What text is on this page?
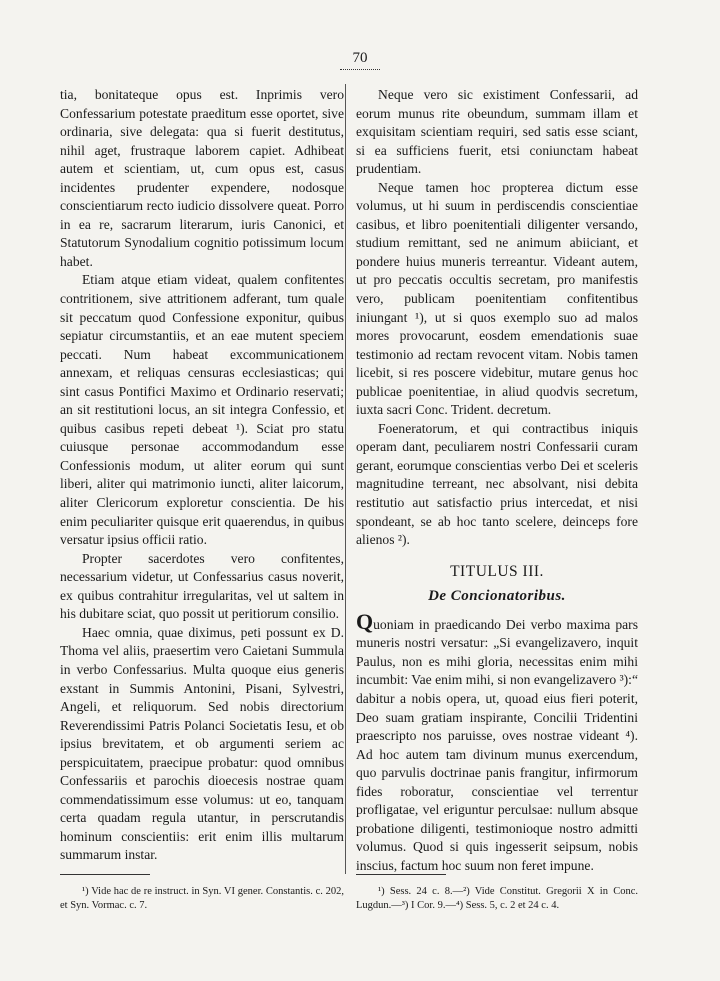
70

tia, bonitateque opus est. Inprimis vero Confessarium potestate praeditum esse oportet, sive ordinaria, sive delegata: qua si fuerit destitutus, nihil aget, frustraque laborem capiet. Adhibeat autem et scientiam, ut, cum opus est, casus incidentes prudenter expendere, nodosque conscientiarum recto iudicio dissolvere queat. Porro in ea re, sacrarum literarum, iuris Canonici, et Statutorum Synodalium cognitio potissimum locum habet.

Etiam atque etiam videat, qualem confitentes contritionem, sive attritionem adferant, tum quale sit peccatum quod Confessione exponitur, quibus sepiatur circumstantiis, et an eae mutent speciem peccati. Num habeat excommunicationem annexam, et reliquas censuras ecclesiasticas; qui sint casus Pontifici Maximo et Ordinario reservati; an sit restitutioni locus, an sit integra Confessio, et quibus casibus repeti debeat ¹). Sciat pro statu cuiusque personae accommodandum esse Confessionis modum, ut aliter eorum qui sunt liberi, aliter qui matrimonio iuncti, aliter laicorum, aliter Clericorum exploretur conscientia. De his enim peculiariter quisque erit quaerendus, in quibus versatur ipsius officii ratio.

Propter sacerdotes vero confitentes, necessarium videtur, ut Confessarius casus noverit, ex quibus contrahitur irregularitas, vel ut saltem in his dubitare sciat, quo possit ut peritiorum consilio.

Haec omnia, quae diximus, peti possunt ex D. Thoma vel aliis, praesertim vero Caietani Summula in verbo Confessarius. Multa quoque eius generis exstant in Summis Antonini, Pisani, Sylvestri, Angeli, et reliquorum. Sed nobis directorium Reverendissimi Patris Polanci Societatis Iesu, et ob ipsius brevitatem, et ob argumenti seriem ac perspicuitatem, praecipue probatur: quod omnibus Confessariis et parochis dioecesis nostrae quam commendatissimum esse volumus: ut eo, tanquam certa quadam regula utantur, in perscrutandis hominum conscientiis: erit enim illis multarum summarum instar.

Neque vero sic existiment Confessarii, ad eorum munus rite obeundum, summam illam et exquisitam scientiam requiri, sed satis esse sciant, si ea sufficiens fuerit, etsi coniunctam habeat prudentiam.

Neque tamen hoc propterea dictum esse volumus, ut hi suum in perdiscendis conscientiae casibus, et libro poenitentiali diligenter versando, studium remittant, sed ne animum abiiciant, et pondere huius muneris terreantur. Videant autem, ut pro peccatis occultis secretam, pro manifestis vero, publicam poenitentiam confitentibus iniungant ¹), ut si quos exemplo suo ad malos mores provocarunt, eosdem emendationis suae testimonio ad rectam revocent vitam. Nobis tamen licebit, si res poscere videbitur, mutare genus hoc publicae poenitentiae, in aliud quodvis secretum, iuxta sacri Conc. Trident. decretum.

Foeneratorum, et qui contractibus iniquis operam dant, peculiarem nostri Confessarii curam gerant, eorumque conscientias verbo Dei et sceleris magnitudine terreant, nec absolvant, nisi debita restitutio aut satisfactio prius intercedat, et nisi spondeant, se ab hoc tanto scelere, deinceps fore alienos ²).

TITULUS III.
De Concionatoribus.

Quoniam in praedicando Dei verbo maxima pars muneris nostri versatur: „Si evangelizavero, inquit Paulus, non es mihi gloria, necessitas enim mihi incumbit: Vae enim mihi, si non evangelizavero ³):“ dabitur a nobis opera, ut, quoad eius fieri poterit, Deo suam gratiam inspirante, Concilii Tridentini praescripto nos paruisse, oves nostrae videant ⁴). Ad hoc autem tam divinum munus exercendum, quo parvulis doctrinae panis frangitur, infirmorum fides roboratur, conscientiae vel terrentur profligatae, vel eriguntur perculsae: nullum absque probatione diligenti, testimonioque nostro admitti volumus. Quod si quis ingesserit seipsum, nobis inscius, factum hoc suum non feret impune.

¹) Vide hac de re instruct. in Syn. VI gener. Constantis. c. 202, et Syn. Vormac. c. 7.

¹) Sess. 24 c. 8.—²) Vide Constitut. Gregorii X in Conc. Lugdun.—³) I Cor. 9.—⁴) Sess. 5, c. 2 et 24 c. 4.
